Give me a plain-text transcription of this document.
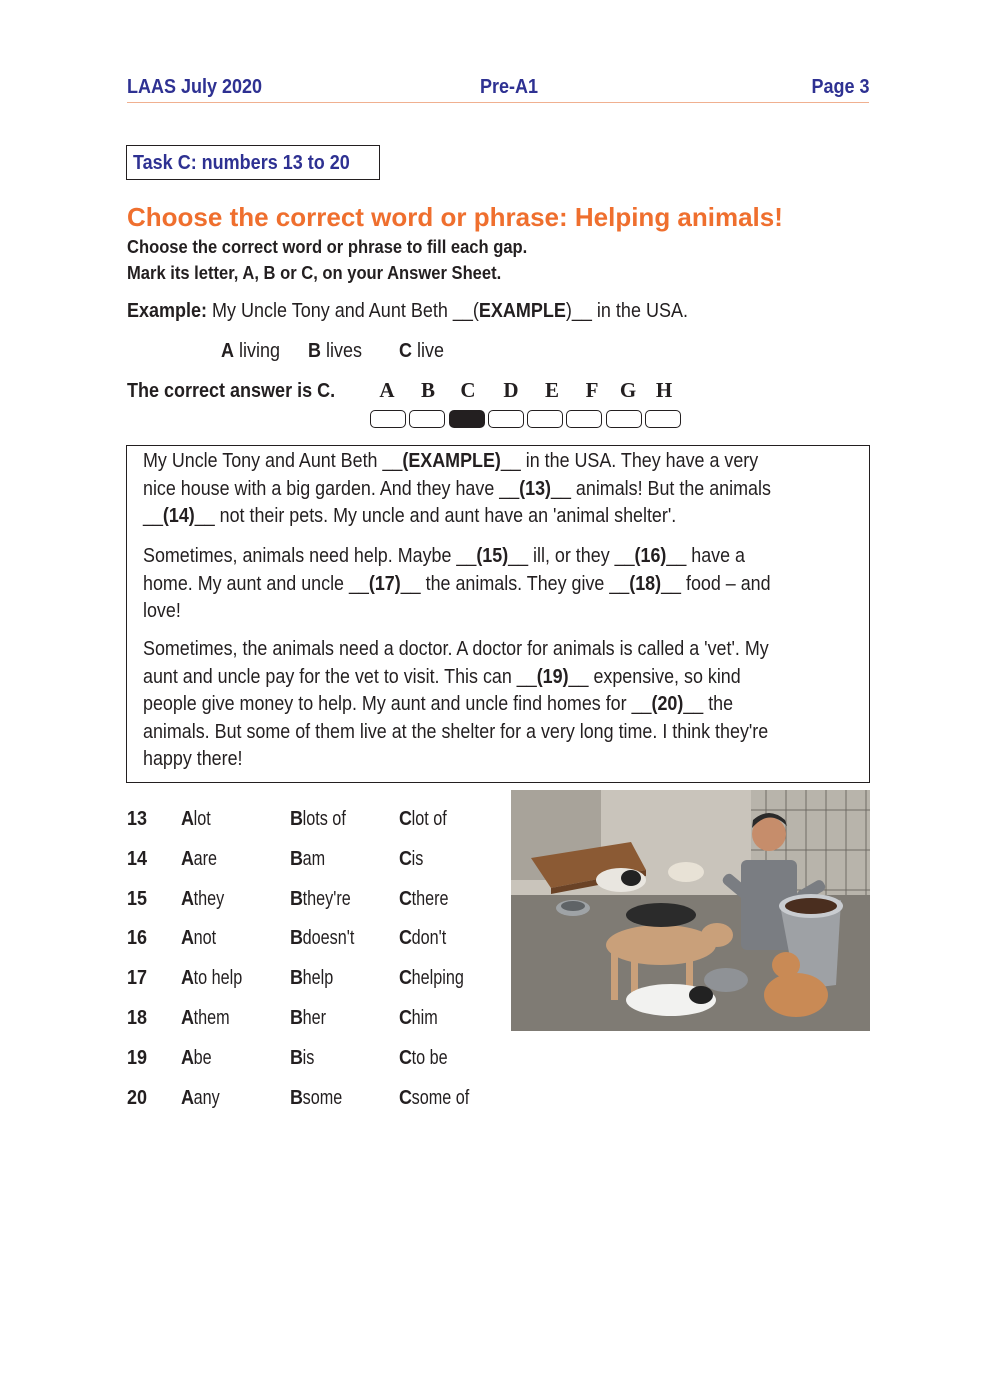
LAAS July 2020	Pre-A1	Page 3
Task C: numbers 13 to 20
Choose the correct word or phrase: Helping animals!
Choose the correct word or phrase to fill each gap.
Mark its letter, A, B or C, on your Answer Sheet.
Example: My Uncle Tony and Aunt Beth __(EXAMPLE)__ in the USA.
A living B lives C live
The correct answer is C.	A	B	C	D	E	F	G H
My Uncle Tony and Aunt Beth __(EXAMPLE)__ in the USA. They have a very
nice house with a big garden. And they have __(13)__ animals! But the animals
__(14)__ not their pets. My uncle and aunt have an 'animal shelter'.
Sometimes, animals need help. Maybe __(15)__ ill, or they __(16)__ have a
home. My aunt and uncle __(17)__ the animals. They give __(18)__ food – and
love!
Sometimes, the animals need a doctor. A doctor for animals is called a 'vet'. My
aunt and uncle pay for the vet to visit. This can __(19)__ expensive, so kind
people give money to help. My aunt and uncle find homes for __(20)__ the
animals. But some of them live at the shelter for a very long time. I think they're
happy there!
13 A lot	B lots of	C lot of
14 A are	B am	C is
15 A they	B they're C there
16 A not	B doesn't C don't
17 A to help B help	C helping
18 A them	B her	C him
19 A be	B is	C to be
20 A any	B some	C some of
